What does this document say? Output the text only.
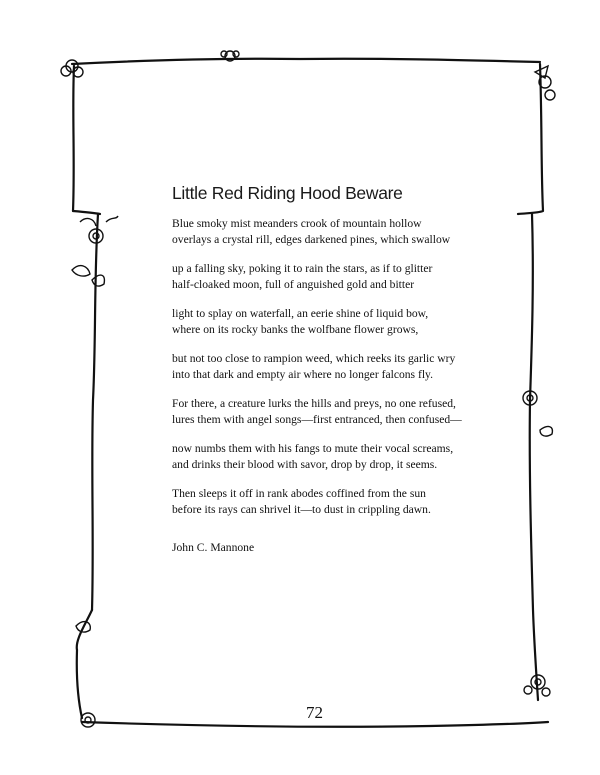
Little Red Riding Hood Beware

Blue smoky mist meanders crook of mountain hollow
overlays a crystal rill, edges darkened pines, which swallow

up a falling sky, poking it to rain the stars, as if to glitter
half-cloaked moon, full of anguished gold and bitter

light to splay on waterfall, an eerie shine of liquid bow,
where on its rocky banks the wolfbane flower grows,

but not too close to rampion weed, which reeks its garlic wry
into that dark and empty air where no longer falcons fly.

For there, a creature lurks the hills and preys, no one refused,
lures them with angel songs—first entranced, then confused—

now numbs them with his fangs to mute their vocal screams,
and drinks their blood with savor, drop by drop, it seems.

Then sleeps it off in rank abodes coffined from the sun
before its rays can shrivel it—to dust in crippling dawn.

John C. Mannone
72
